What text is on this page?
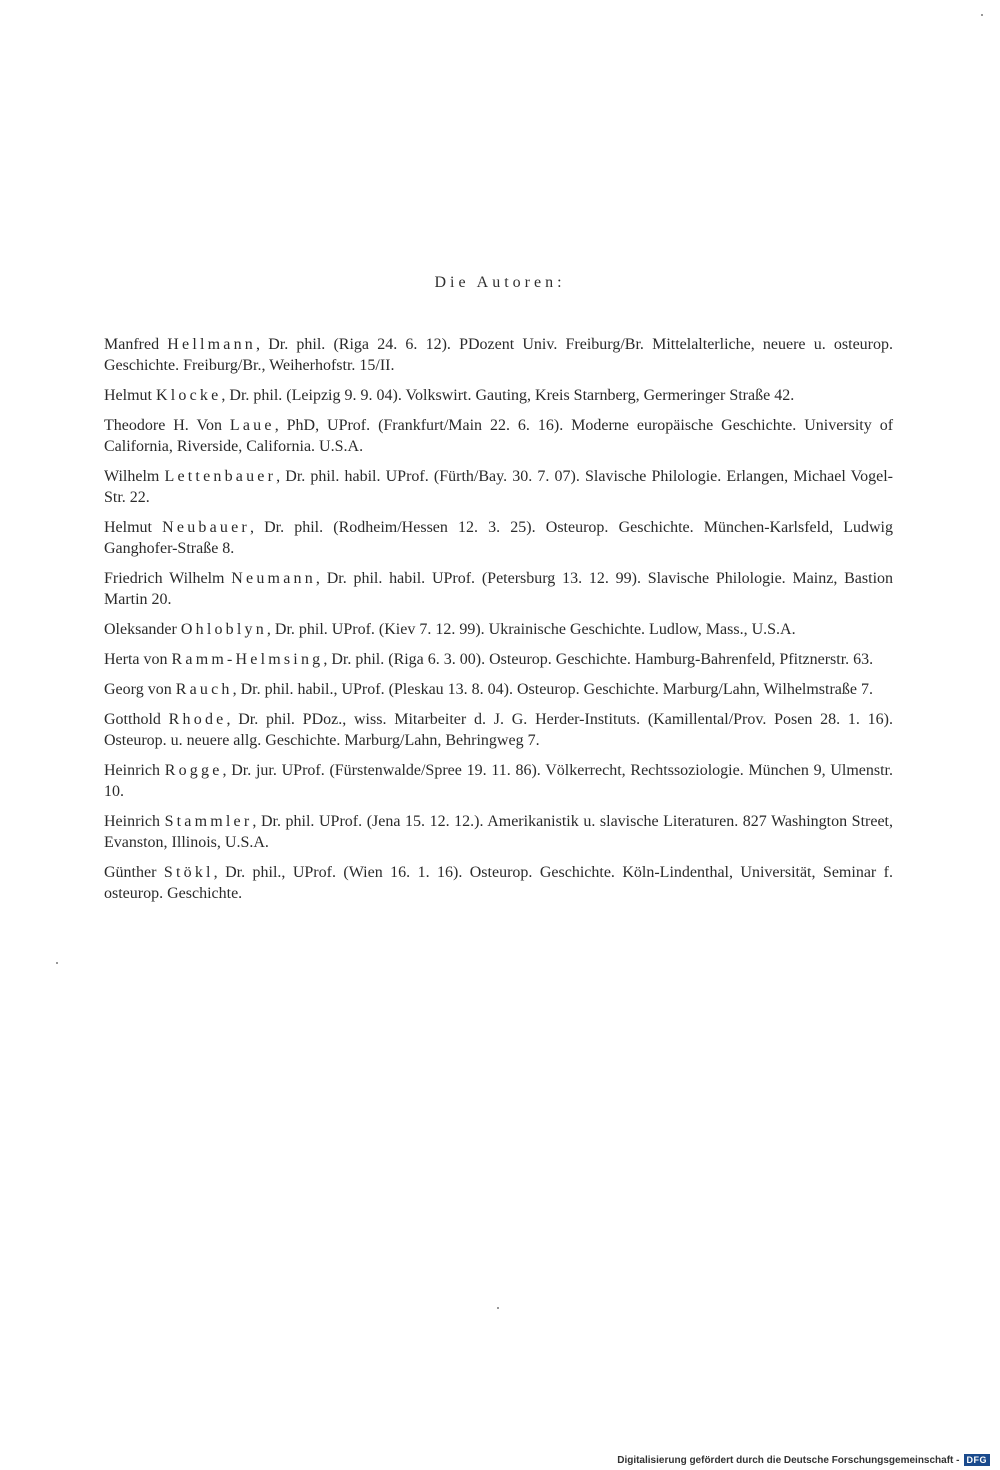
Die Autoren:

Manfred Hellmann, Dr. phil. (Riga 24. 6. 12). PDozent Univ. Freiburg/Br. Mittelalterliche, neuere u. osteurop. Geschichte. Freiburg/Br., Weiherhofstr. 15/II.

Helmut Klocke, Dr. phil. (Leipzig 9. 9. 04). Volkswirt. Gauting, Kreis Starnberg, Germeringer Straße 42.

Theodore H. Von Laue, PhD, UProf. (Frankfurt/Main 22. 6. 16). Moderne europäische Geschichte. University of California, Riverside, California. U.S.A.

Wilhelm Lettenbauer, Dr. phil. habil. UProf. (Fürth/Bay. 30. 7. 07). Slavische Philologie. Erlangen, Michael Vogel-Str. 22.

Helmut Neubauer, Dr. phil. (Rodheim/Hessen 12. 3. 25). Osteurop. Geschichte. München-Karlsfeld, Ludwig Ganghofer-Straße 8.

Friedrich Wilhelm Neumann, Dr. phil. habil. UProf. (Petersburg 13. 12. 99). Slavische Philologie. Mainz, Bastion Martin 20.

Oleksander Ohloblyn, Dr. phil. UProf. (Kiev 7. 12. 99). Ukrainische Geschichte. Ludlow, Mass., U.S.A.

Herta von Ramm-Helmsing, Dr. phil. (Riga 6. 3. 00). Osteurop. Geschichte. Hamburg-Bahrenfeld, Pfitznerstr. 63.

Georg von Rauch, Dr. phil. habil., UProf. (Pleskau 13. 8. 04). Osteurop. Geschichte. Marburg/Lahn, Wilhelmstraße 7.

Gotthold Rhode, Dr. phil. PDoz., wiss. Mitarbeiter d. J. G. Herder-Instituts. (Kamillental/Prov. Posen 28. 1. 16). Osteurop. u. neuere allg. Geschichte. Marburg/Lahn, Behringweg 7.

Heinrich Rogge, Dr. jur. UProf. (Fürstenwalde/Spree 19. 11. 86). Völkerrecht, Rechtssoziologie. München 9, Ulmenstr. 10.

Heinrich Stammler, Dr. phil. UProf. (Jena 15. 12. 12.). Amerikanistik u. slavische Literaturen. 827 Washington Street, Evanston, Illinois, U.S.A.

Günther Stökl, Dr. phil., UProf. (Wien 16. 1. 16). Osteurop. Geschichte. Köln-Lindenthal, Universität, Seminar f. osteurop. Geschichte.

Digitalisierung gefördert durch die Deutsche Forschungsgemeinschaft - DFG
